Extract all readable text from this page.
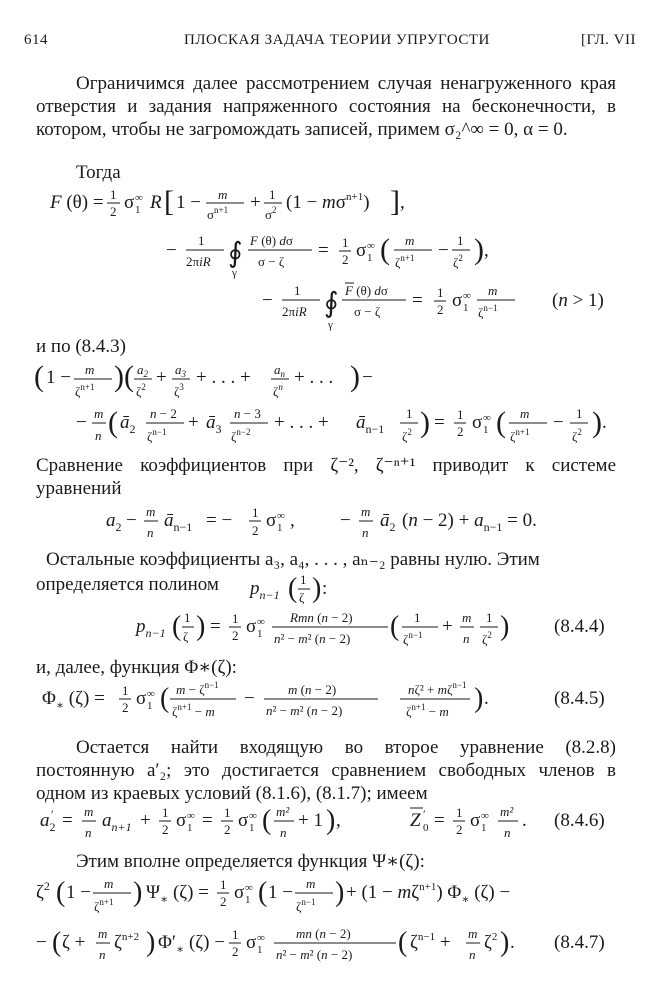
614	ПЛОСКАЯ ЗАДАЧА ТЕОРИИ УПРУГОСТИ	[ГЛ. VII
Ограничимся далее рассмотрением случая ненагруженного края отверстия и задания напряженного состояния на бесконечности, в котором, чтобы не загромождать записей, примем σ₂^∞ = 0, α = 0.
Тогда
F (θ) = 1
2 σ 1
∞ R [ 1 − m
$\sigma^{n+1} + 1$
$\sigma^2$ $(1 - m\sigma^{n+1})$ ] ,
− 1
2πiR ∮
γ
F (θ) dσ
σ − ζ
= 1
2 σ 1
∞ ( m
$\zeta^{n+1} - 1$
$\zeta^2$ ) ,
− 1
2πiR ∮
γ
F (θ) dσ
σ − ζ
= 1
2 σ 1
∞ m
$\zeta^{n-1}$	(n > 1)
и по (8.4.3)
( 1 − m
$\zeta^{n+1}$ )( $a_2$
$\zeta^2 + a_3$
$\zeta^3$ + . . . + $a_n$
$\zeta^n$ + . . . ) −
− m
n ( $ā_2$
n − 2
$\zeta^{n-1}$ + $ā_3$
n − 3
$\zeta^{n-2}$ + . . . + $ā_{n-1}$
1
$\zeta^2$ ) = 1
2 σ 1
∞ ( m
$\zeta^{n+1} - 1$
$\zeta^2$ ) .
Сравнение коэффициентов при ζ⁻², ζ⁻ⁿ⁺¹ приводит к системе уравнений
$a_2 - m$
n
$ā_{n-1}$ = − 1
2 σ 1
∞ , − m
n
$ā_2$ $(n - 2) + a_{n-1} = 0$.
Остальные коэффициенты a₃, a₄, . . . , aₙ₋₂ равны нулю. Этим
определяется полином $p_{n-1}$ ( 1
ζ ) :
$p_{n-1}$ ( 1
ζ ) = 1
2 σ 1
∞ Rmn (n − 2)
n² − m² (n − 2) ( 1
$\zeta^{n-1} + m$
n
1
$\zeta^2$ ) (8.4.4)
и, далее, функция Φ∗(ζ):
$\Phi_∗$ (ζ) = 1
2 σ 1
∞ ( $m - \zeta^{n-1}$
$\zeta^{n+1} - m$
−	m (n − 2)
n² − m² (n − 2)
$n\zeta^2 + m\zeta^{n-1}$
$\zeta^{n+1} - m$ ) .	(8.4.5)
Остается найти входящую во второе уравнение (8.2.8) постоянную a′₂; это достигается сравнением свободных членов в одном из краевых условий (8.1.6), (8.1.7); имеем
$a_2$
′ = m
n
$a_{n+1} + 1$
2 σ 1
∞ = 1
2 σ 1
∞ ( m²
n
+ 1 ) ,	Z ′
0 = 1
2 σ 1
∞ m²
n
. (8.4.6)
Этим вполне определяется функция Ψ∗(ζ):
$\zeta^2$ ( 1 − m
$\zeta^{n+1}$ ) $\Psi_∗$ (ζ) = 1
2 σ 1
∞ ( 1 − m
$\zeta^{n-1}$ ) + $(1 - m\zeta^{n+1})$ $\Phi_∗$ (ζ) −
− ( ζ + m
n
$\zeta^{n+2}$ ) $\Phi'_∗$ (ζ) − 1
2 σ 1
∞ mn (n − 2)
n² − m² (n − 2) ( $\zeta^{n-1} + m$
n
$\zeta^2$ ) . (8.4.7)
